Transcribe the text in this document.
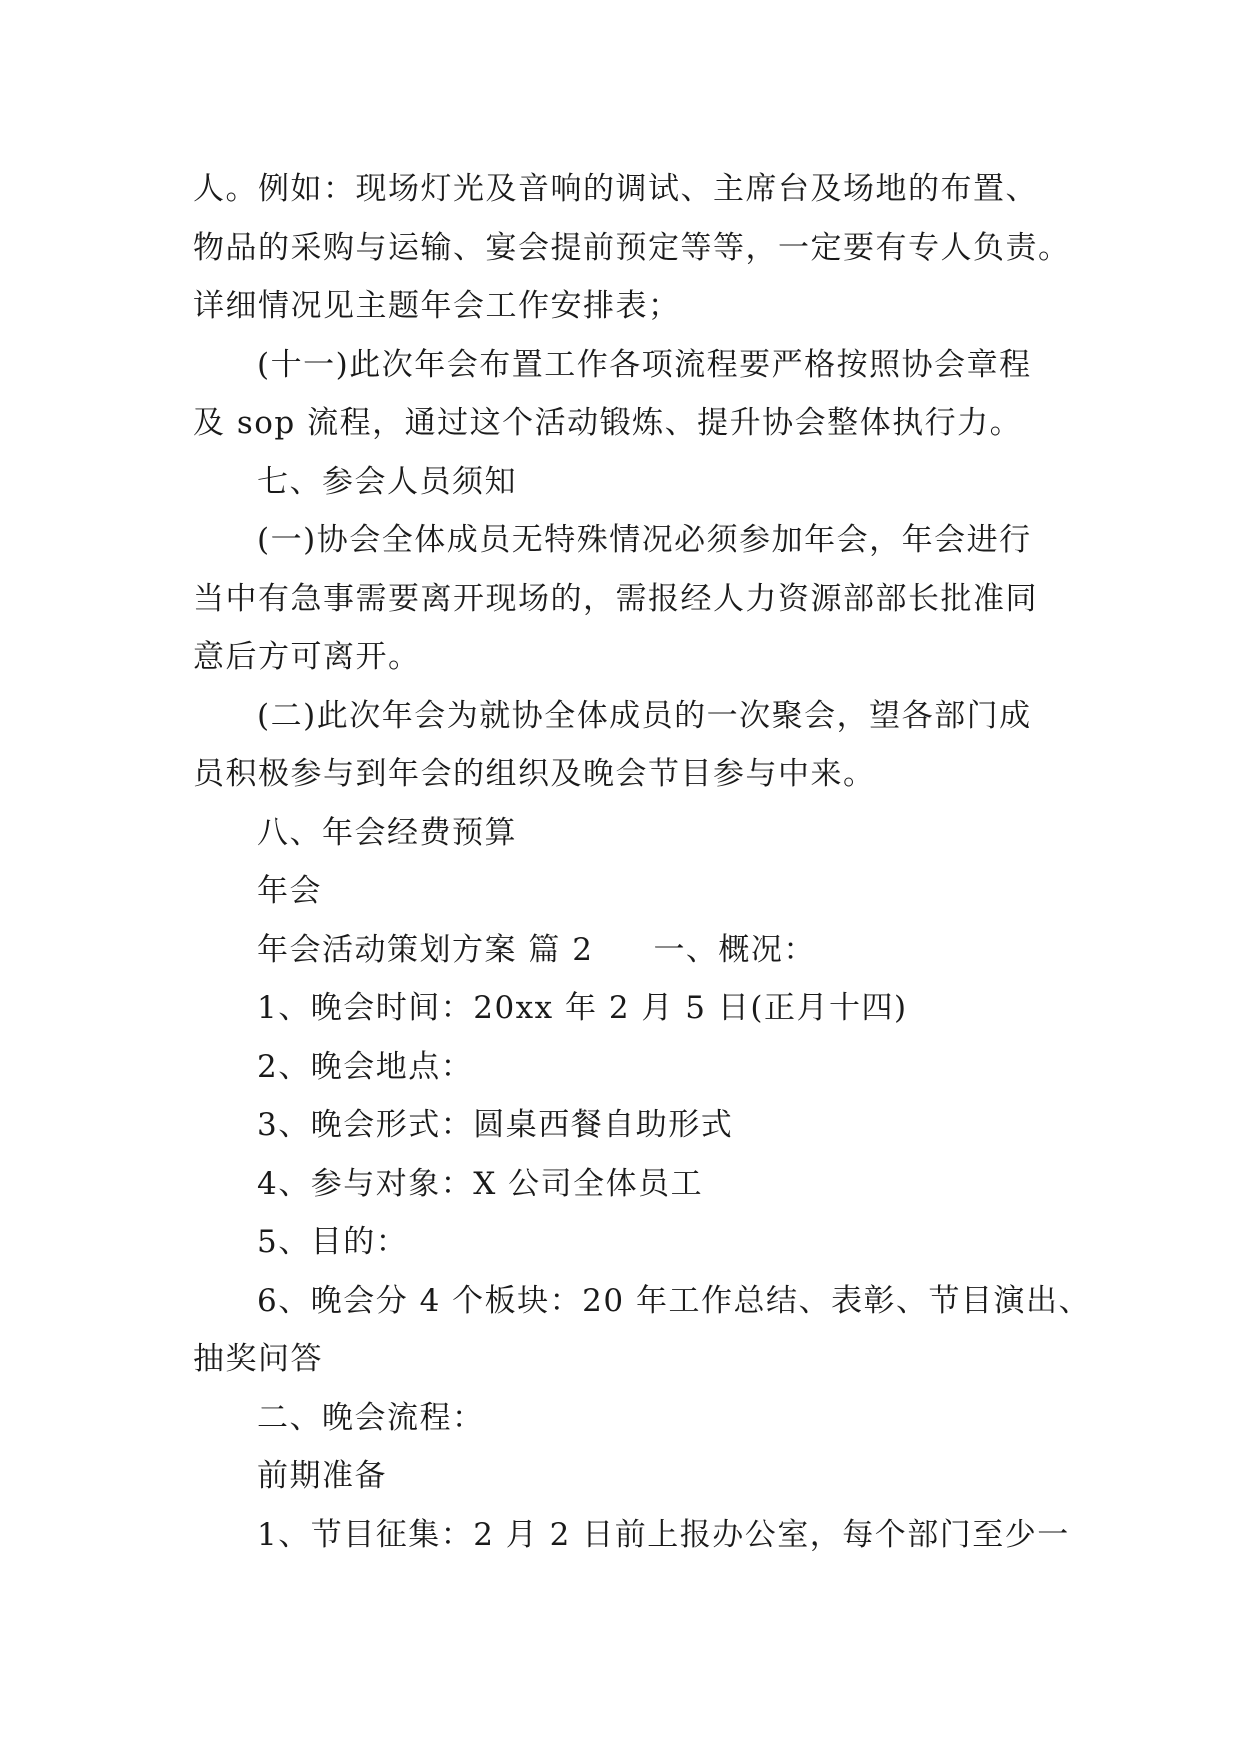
人。例如：现场灯光及音响的调试、主席台及场地的布置、
物品的采购与运输、宴会提前预定等等，一定要有专人负责。
详细情况见主题年会工作安排表；
(十一)此次年会布置工作各项流程要严格按照协会章程
及 sop 流程，通过这个活动锻炼、提升协会整体执行力。
七、参会人员须知
(一)协会全体成员无特殊情况必须参加年会，年会进行
当中有急事需要离开现场的，需报经人力资源部部长批准同
意后方可离开。
(二)此次年会为就协全体成员的一次聚会，望各部门成
员积极参与到年会的组织及晚会节目参与中来。
八、年会经费预算
年会
年会活动策划方案 篇 2 一、概况：
1、晚会时间：20xx 年 2 月 5 日(正月十四)
2、晚会地点：
3、晚会形式：圆桌西餐自助形式
4、参与对象：X 公司全体员工
5、目的：
6、晚会分 4 个板块：20 年工作总结、表彰、节目演出、
抽奖问答
二、晚会流程：
前期准备
1、节目征集：2 月 2 日前上报办公室，每个部门至少一
